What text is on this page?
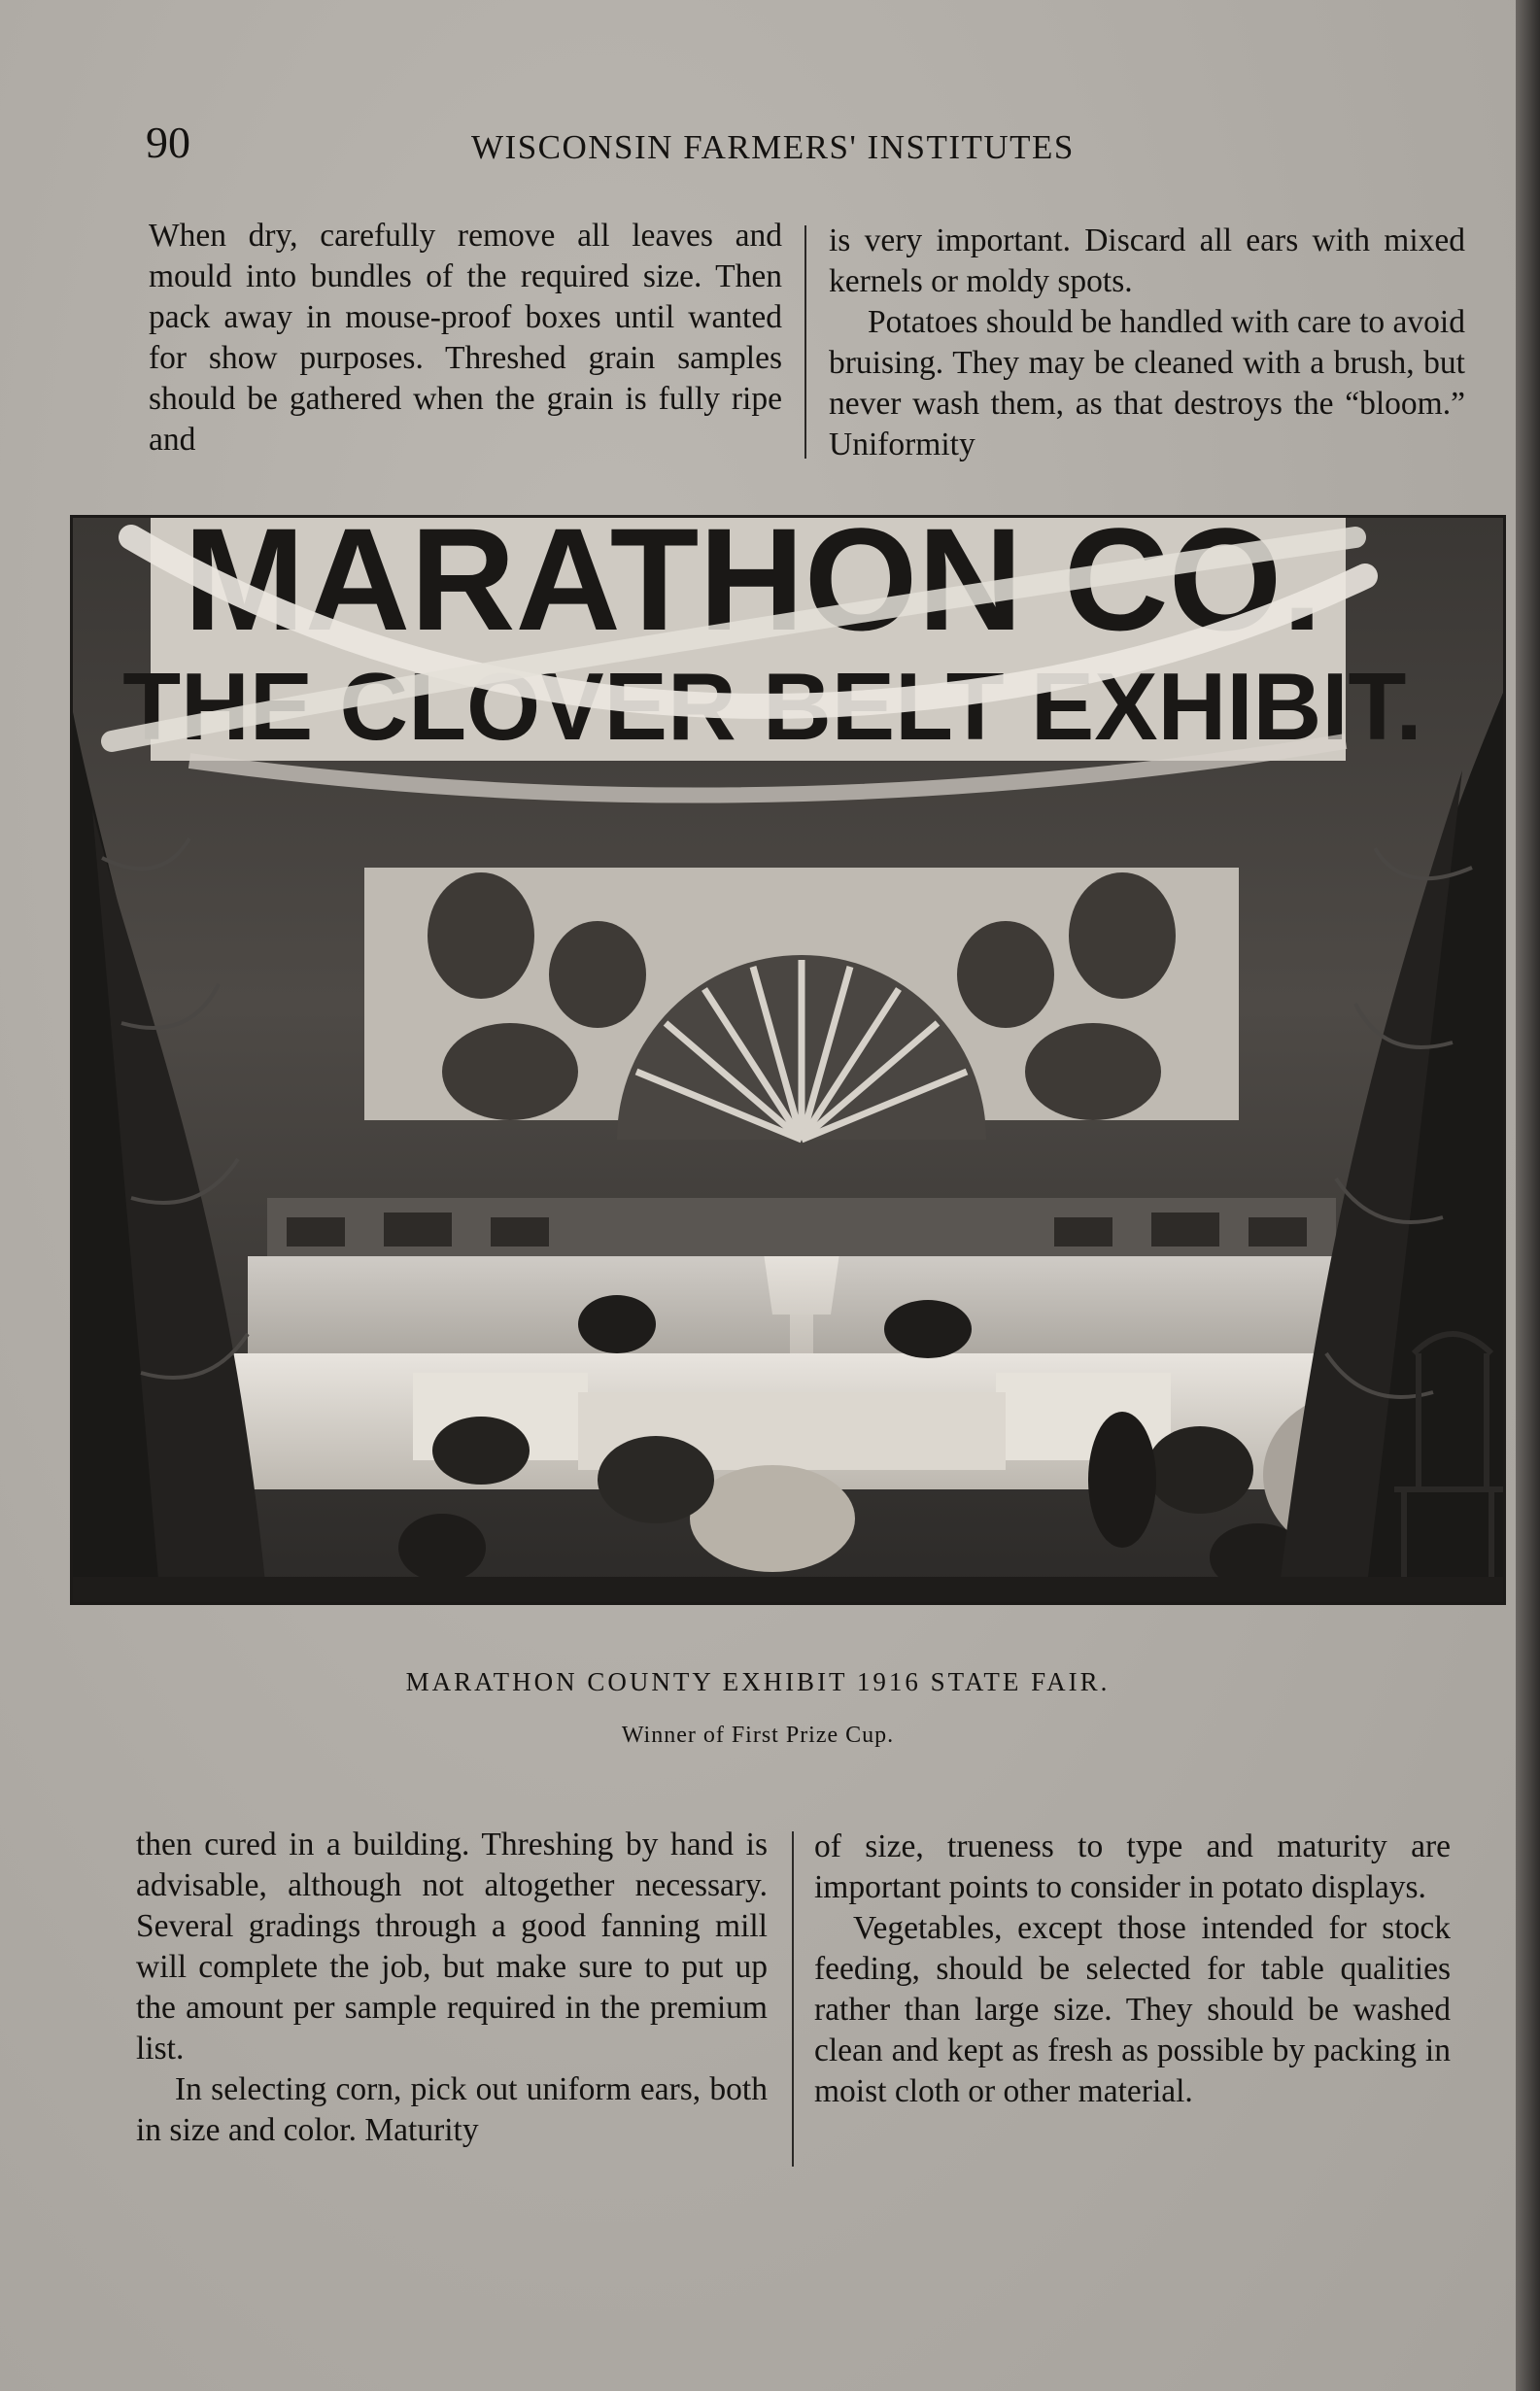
90	WISCONSIN FARMERS' INSTITUTES

When dry, carefully remove all leaves and mould into bundles of the required size. Then pack away in mouse-proof boxes until wanted for show purposes. Threshed grain samples should be gathered when the grain is fully ripe and

is very important. Discard all ears with mixed kernels or moldy spots.

Potatoes should be handled with care to avoid bruising. They may be cleaned with a brush, but never wash them, as that destroys the “bloom.” Uniformity

MARATHON CO.
THE CLOVER BELT EXHIBIT.
MARATHON COUNTY EXHIBIT 1916 STATE FAIR.
Winner of First Prize Cup.

then cured in a building. Threshing by hand is advisable, although not altogether necessary. Several gradings through a good fanning mill will complete the job, but make sure to put up the amount per sample required in the premium list.

In selecting corn, pick out uniform ears, both in size and color. Maturity

of size, trueness to type and maturity are important points to consider in potato displays.

Vegetables, except those intended for stock feeding, should be selected for table qualities rather than large size. They should be washed clean and kept as fresh as possible by packing in moist cloth or other material.
